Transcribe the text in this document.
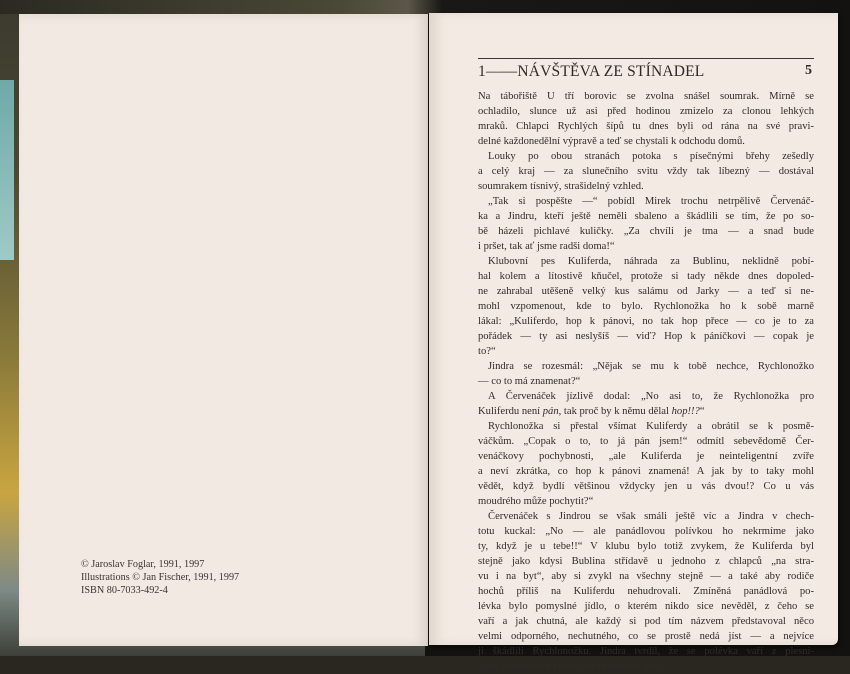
© Jaroslav Foglar, 1991, 1997
Illustrations © Jan Fischer, 1991, 1997
ISBN 80-7033-492-4
1——NÁVŠTĚVA ZE STÍNADEL	5
Na tábořiště U tří borovic se zvolna snášel soumrak. Mírně se
ochladilo, slunce už asi před hodinou zmizelo za clonou lehkých
mraků. Chlapci Rychlých šípů tu dnes byli od rána na své pravi-
delné každonedělní výpravě a teď se chystali k odchodu domů.
Louky po obou stranách potoka s písečnými břehy zešedly
a celý kraj — za slunečního svitu vždy tak líbezný — dostával
soumrakem tísnivý, strašidelný vzhled.
„Tak si pospěšte —“ pobídl Mirek trochu netrpělivě Červenáč-
ka a Jindru, kteří ještě neměli sbaleno a škádlili se tím, že po so-
bě házeli pichlavé kuličky. „Za chvíli je tma — a snad bude
i pršet, tak ať jsme radši doma!“
Klubovní pes Kuliferda, náhrada za Bublinu, neklidně pobí-
hal kolem a lítostivě kňučel, protože si tady někde dnes dopoled-
ne zahrabal utěšeně velký kus salámu od Jarky — a teď si ne-
mohl vzpomenout, kde to bylo. Rychlonožka ho k sobě marně
lákal: „Kuliferdo, hop k pánovi, no tak hop přece — co je to za
pořádek — ty asi neslyšíš — viď? Hop k páníčkovi — copak je
to?“
Jindra se rozesmál: „Nějak se mu k tobě nechce, Rychlonožko
— co to má znamenat?“
A Červenáček jízlivě dodal: „No asi to, že Rychlonožka pro
Kuliferdu není pán, tak proč by k němu dělal hop!!?“
Rychlonožka si přestal všímat Kuliferdy a obrátil se k posmě-
váčkům. „Copak o to, to já pán jsem!“ odmítl sebevědomě Čer-
venáčkovy pochybnosti, „ale Kuliferda je neinteligentní zvíře
a neví zkrátka, co hop k pánovi znamená! A jak by to taky mohl
vědět, když bydlí většinou vždycky jen u vás dvou!? Co u vás
moudrého může pochytit?“
Červenáček s Jindrou se však smáli ještě víc a Jindra v chech-
totu kuckal: „No — ale panádlovou polívkou ho nekrmíme jako
ty, když je u tebe!!“ V klubu bylo totiž zvykem, že Kuliferda byl
stejně jako kdysi Bublina střídavě u jednoho z chlapců „na stra-
vu i na byt“, aby si zvykl na všechny stejně — a také aby rodiče
hochů příliš na Kuliferdu nehudrovali. Zmíněná panádlová po-
lévka bylo pomyslné jídlo, o kterém nikdo sice nevěděl, z čeho se
vaří a jak chutná, ale každý si pod tím názvem představoval něco
velmi odporného, nechutného, co se prostě nedá jíst — a nejvíce
ji škádlili Rychlonožku. Jindra tvrdil, že se polévka vaří z plesni-
vých chlebových kůrek, ale nevěděl to jistě . . .
